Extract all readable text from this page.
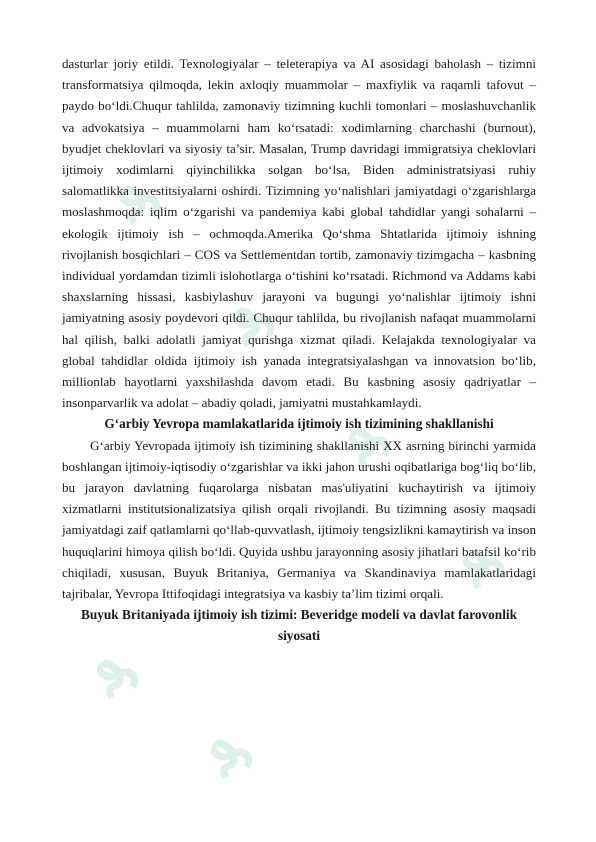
₰
₰
₰
₰
₰
₰

dasturlar joriy etildi. Texnologiyalar – teleterapiya va AI asosidagi baholash – tizimni transformatsiya qilmoqda, lekin axloqiy muammolar – maxfiylik va raqamli tafovut – paydo bo‘ldi.Chuqur tahlilda, zamonaviy tizimning kuchli tomonlari – moslashuvchanlik va advokatsiya – muammolarni ham ko‘rsatadi: xodimlarning charchashi (burnout), byudjet cheklovlari va siyosiy ta’sir. Masalan, Trump davridagi immigratsiya cheklovlari ijtimoiy xodimlarni qiyinchilikka solgan bo‘lsa, Biden administratsiyasi ruhiy salomatlikka investitsiyalarni oshirdi. Tizimning yo‘nalishlari jamiyatdagi o‘zgarishlarga moslashmoqda: iqlim o‘zgarishi va pandemiya kabi global tahdidlar yangi sohalarni – ekologik ijtimoiy ish – ochmoqda.Amerika Qo‘shma Shtatlarida ijtimoiy ishning rivojlanish bosqichlari – COS va Settlementdan tortib, zamonaviy tizimgacha – kasbning individual yordamdan tizimli islohotlarga o‘tishini ko‘rsatadi. Richmond va Addams kabi shaxslarning hissasi, kasbiylashuv jarayoni va bugungi yo‘nalishlar ijtimoiy ishni jamiyatning asosiy poydevori qildi. Chuqur tahlilda, bu rivojlanish nafaqat muammolarni hal qilish, balki adolatli jamiyat qurishga xizmat qiladi. Kelajakda texnologiyalar va global tahdidlar oldida ijtimoiy ish yanada integratsiyalashgan va innovatsion bo‘lib, millionlab hayotlarni yaxshilashda davom etadi. Bu kasbning asosiy qadriyatlar – insonparvarlik va adolat – abadiy qoladi, jamiyatni mustahkamlaydi.

G‘arbiy Yevropa mamlakatlarida ijtimoiy ish tizimining shakllanishi

G‘arbiy Yevropada ijtimoiy ish tizimining shakllanishi XX asrning birinchi yarmida boshlangan ijtimoiy-iqtisodiy o‘zgarishlar va ikki jahon urushi oqibatlariga bog‘liq bo‘lib, bu jarayon davlatning fuqarolarga nisbatan mas'uliyatini kuchaytirish va ijtimoiy xizmatlarni institutsionalizatsiya qilish orqali rivojlandi. Bu tizimning asosiy maqsadi jamiyatdagi zaif qatlamlarni qo‘llab-quvvatlash, ijtimoiy tengsizlikni kamaytirish va inson huquqlarini himoya qilish bo‘ldi. Quyida ushbu jarayonning asosiy jihatlari batafsil ko‘rib chiqiladi, xususan, Buyuk Britaniya, Germaniya va Skandinaviya mamlakatlaridagi tajribalar, Yevropa Ittifoqidagi integratsiya va kasbiy ta’lim tizimi orqali.

Buyuk Britaniyada ijtimoiy ish tizimi: Beveridge modeli va davlat farovonlik siyosati
